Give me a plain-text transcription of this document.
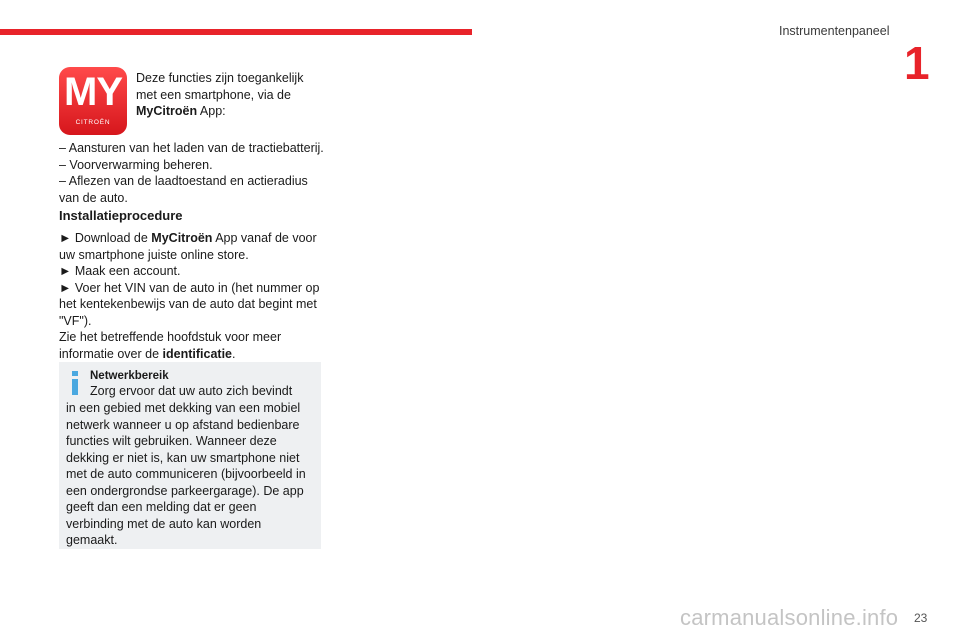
Instrumentenpaneel
1
MY
CITROËN
Deze functies zijn toegankelijk met een smartphone, via de MyCitroën App:

– Aansturen van het laden van de tractiebatterij.

– Voorverwarming beheren.

– Aflezen van de laadtoestand en actieradius van de auto.

Installatieprocedure

► Download de MyCitroën App vanaf de voor uw smartphone juiste online store.

► Maak een account.

► Voer het VIN van de auto in (het nummer op het kentekenbewijs van de auto dat begint met "VF").

Zie het betreffende hoofdstuk voor meer informatie over de identificatie.

Netwerkbereik
Zorg ervoor dat uw auto zich bevindt
in een gebied met dekking van een mobiel netwerk wanneer u op afstand bedienbare functies wilt gebruiken. Wanneer deze dekking er niet is, kan uw smartphone niet met de auto communiceren (bijvoorbeeld in een ondergrondse parkeergarage). De app geeft dan een melding dat er geen verbinding met de auto kan worden gemaakt.
carmanualsonline.info 23
